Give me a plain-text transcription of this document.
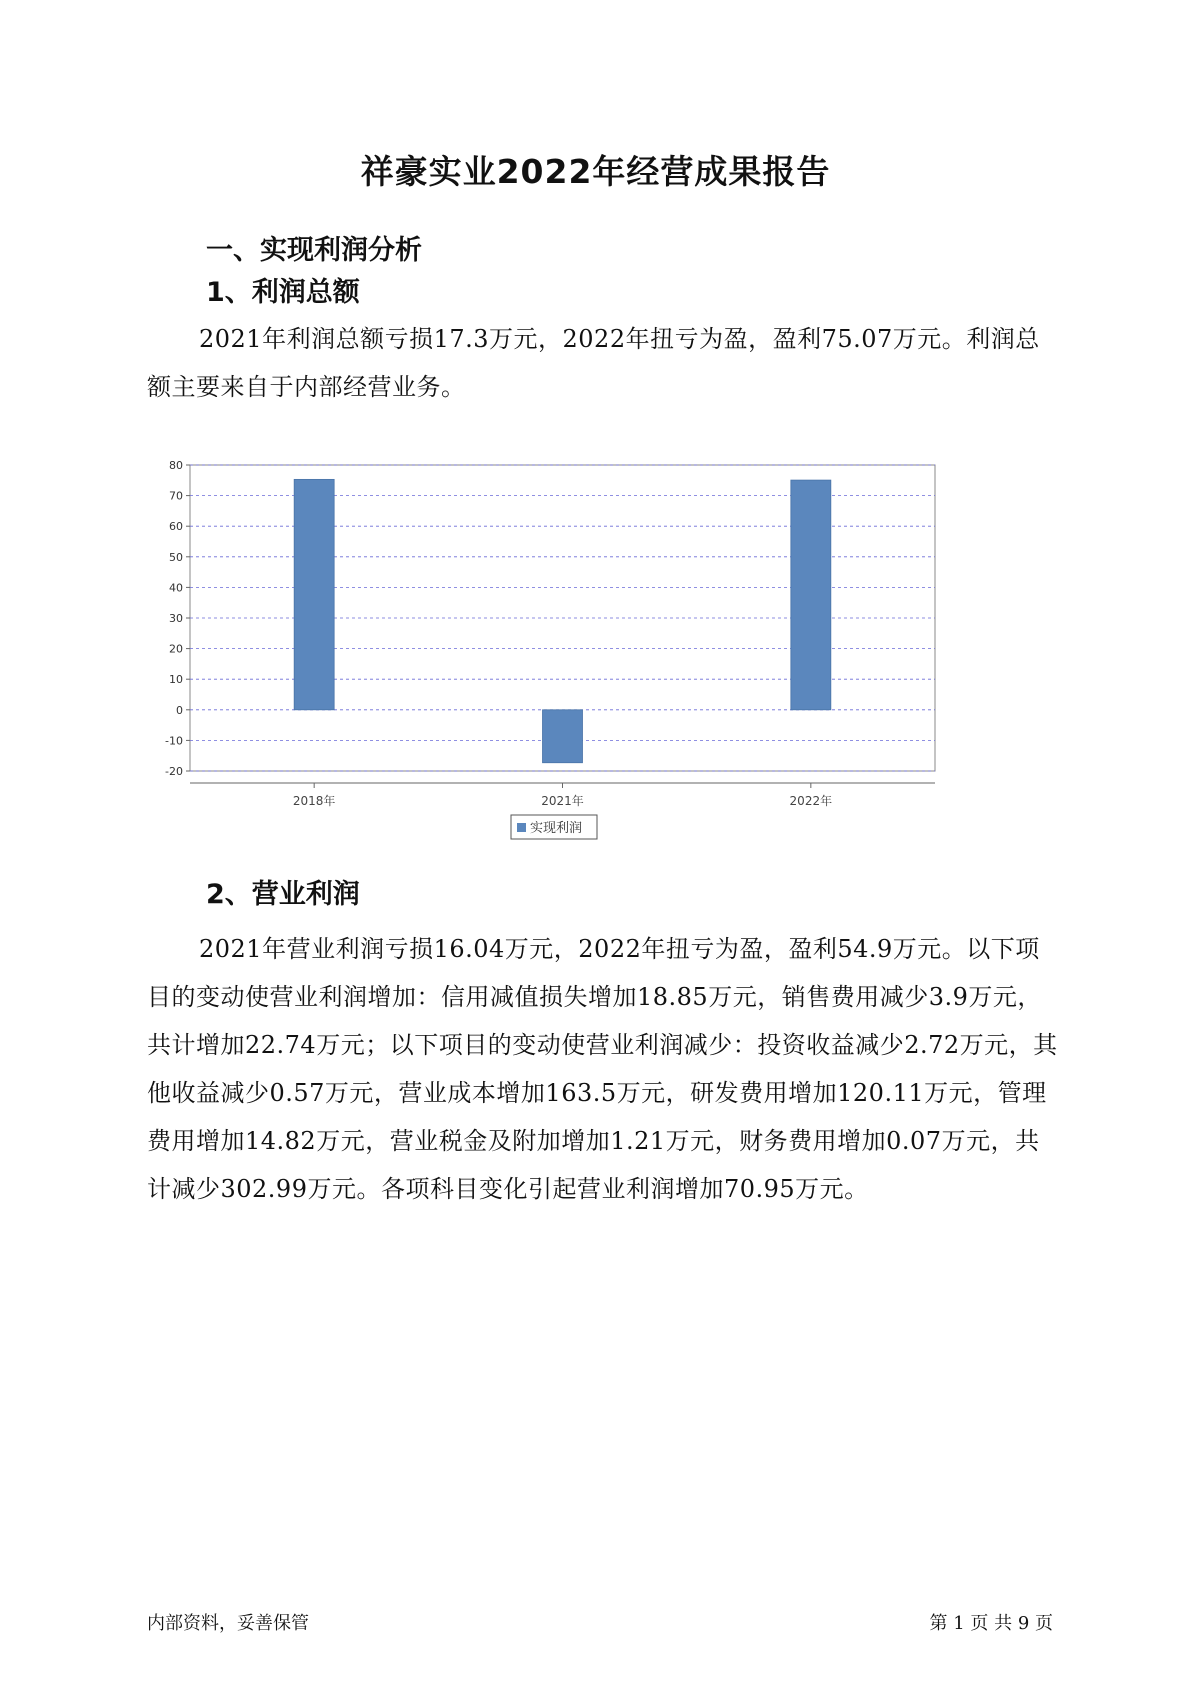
祥豪实业2022年经营成果报告
一、实现利润分析
1、利润总额

2021年利润总额亏损17.3万元，2022年扭亏为盈，盈利75.07万元。利润总额主要来自于内部经营业务。

-20
-10
0
10
20
30
40
50
60
70
80
2018年	2021年	2022年
实现利润
2、营业利润

2021年营业利润亏损16.04万元，2022年扭亏为盈，盈利54.9万元。以下项目的变动使营业利润增加：信用减值损失增加18.85万元，销售费用减少3.9万元，共计增加22.74万元；以下项目的变动使营业利润减少：投资收益减少2.72万元，其他收益减少0.57万元，营业成本增加163.5万元，研发费用增加120.11万元，管理费用增加14.82万元，营业税金及附加增加1.21万元，财务费用增加0.07万元，共计减少302.99万元。各项科目变化引起营业利润增加70.95万元。

内部资料，妥善保管	第 1 页 共 9 页
